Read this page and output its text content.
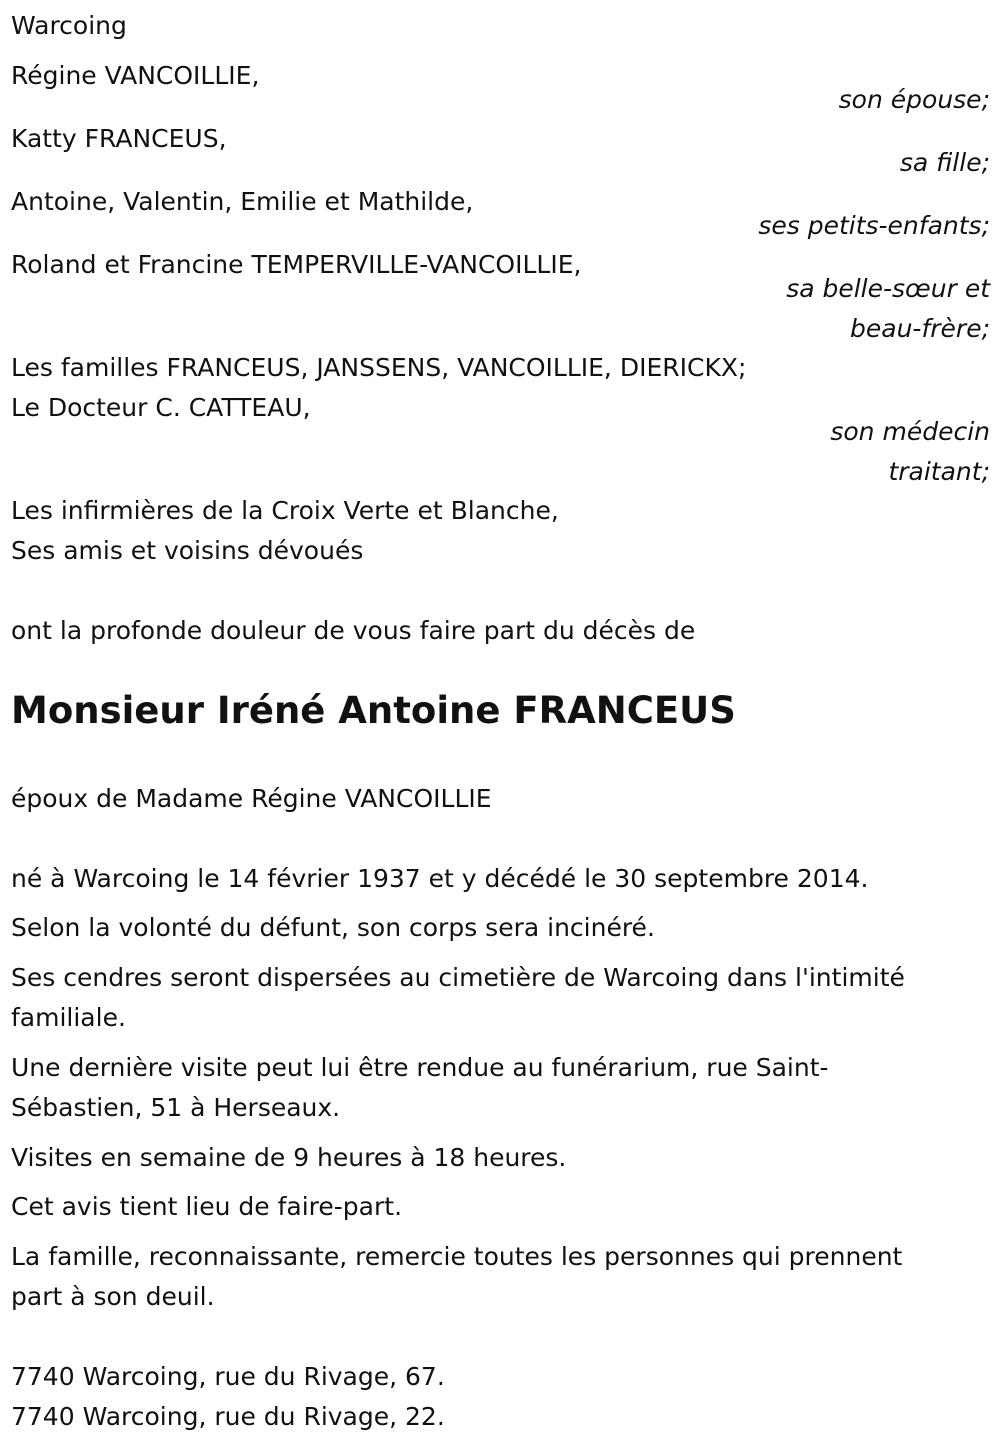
Warcoing
Régine VANCOILLIE,
son épouse;
Katty FRANCEUS,
sa fille;
Antoine, Valentin, Emilie et Mathilde,
ses petits-enfants;
Roland et Francine TEMPERVILLE-VANCOILLIE,
sa belle-sœur et
beau-frère;
Les familles FRANCEUS, JANSSENS, VANCOILLIE, DIERICKX;
Le Docteur C. CATTEAU,
son médecin
traitant;
Les infirmières de la Croix Verte et Blanche,
Ses amis et voisins dévoués
ont la profonde douleur de vous faire part du décès de
Monsieur Iréné Antoine FRANCEUS
époux de Madame Régine VANCOILLIE
né à Warcoing le 14 février 1937 et y décédé le 30 septembre 2014.
Selon la volonté du défunt, son corps sera incinéré.
Ses cendres seront dispersées au cimetière de Warcoing dans l'intimité
familiale.
Une dernière visite peut lui être rendue au funérarium, rue Saint-
Sébastien, 51 à Herseaux.
Visites en semaine de 9 heures à 18 heures.
Cet avis tient lieu de faire-part.
La famille, reconnaissante, remercie toutes les personnes qui prennent
part à son deuil.
7740 Warcoing, rue du Rivage, 67.
7740 Warcoing, rue du Rivage, 22.
